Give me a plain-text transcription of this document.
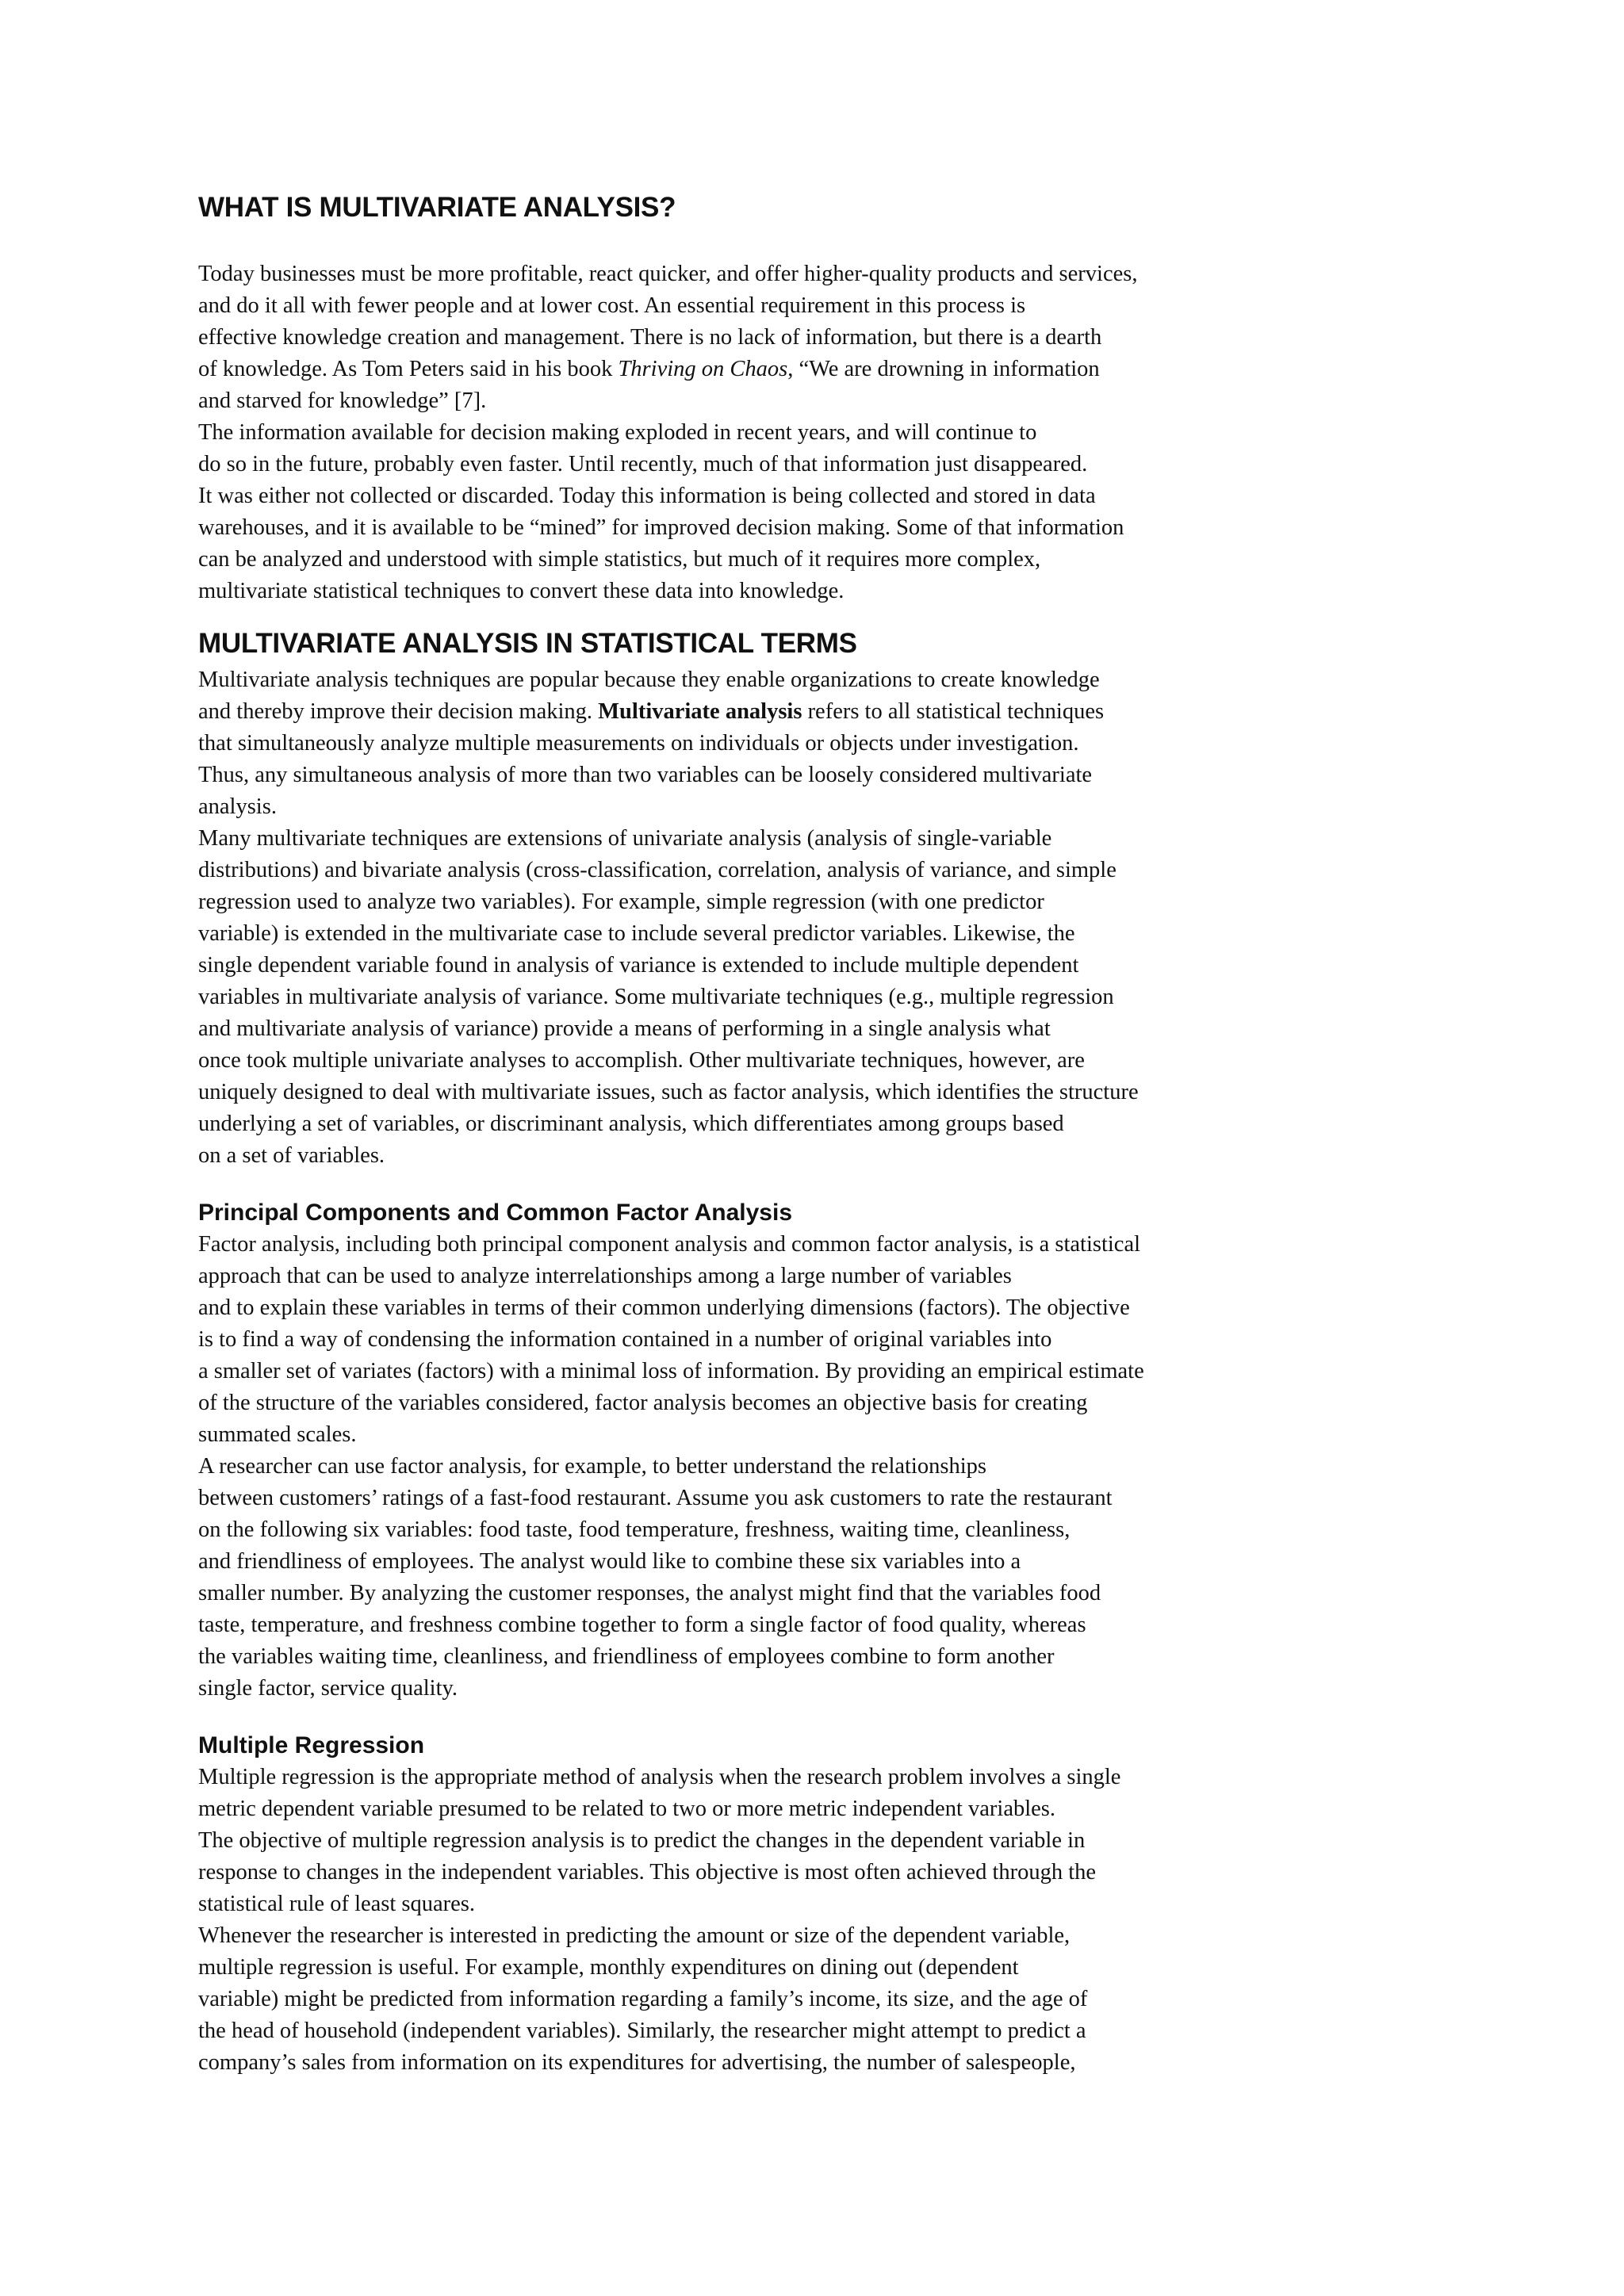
WHAT IS MULTIVARIATE ANALYSIS?
Today businesses must be more profitable, react quicker, and offer higher-quality products and services,
and do it all with fewer people and at lower cost. An essential requirement in this process is
effective knowledge creation and management. There is no lack of information, but there is a dearth
of knowledge. As Tom Peters said in his book Thriving on Chaos, “We are drowning in information
and starved for knowledge” [7].
The information available for decision making exploded in recent years, and will continue to
do so in the future, probably even faster. Until recently, much of that information just disappeared.
It was either not collected or discarded. Today this information is being collected and stored in data
warehouses, and it is available to be “mined” for improved decision making. Some of that information
can be analyzed and understood with simple statistics, but much of it requires more complex,
multivariate statistical techniques to convert these data into knowledge.
MULTIVARIATE ANALYSIS IN STATISTICAL TERMS
Multivariate analysis techniques are popular because they enable organizations to create knowledge
and thereby improve their decision making. Multivariate analysis refers to all statistical techniques
that simultaneously analyze multiple measurements on individuals or objects under investigation.
Thus, any simultaneous analysis of more than two variables can be loosely considered multivariate
analysis.
Many multivariate techniques are extensions of univariate analysis (analysis of single-variable
distributions) and bivariate analysis (cross-classification, correlation, analysis of variance, and simple
regression used to analyze two variables). For example, simple regression (with one predictor
variable) is extended in the multivariate case to include several predictor variables. Likewise, the
single dependent variable found in analysis of variance is extended to include multiple dependent
variables in multivariate analysis of variance. Some multivariate techniques (e.g., multiple regression
and multivariate analysis of variance) provide a means of performing in a single analysis what
once took multiple univariate analyses to accomplish. Other multivariate techniques, however, are
uniquely designed to deal with multivariate issues, such as factor analysis, which identifies the structure
underlying a set of variables, or discriminant analysis, which differentiates among groups based
on a set of variables.
Principal Components and Common Factor Analysis
Factor analysis, including both principal component analysis and common factor analysis, is a statistical
approach that can be used to analyze interrelationships among a large number of variables
and to explain these variables in terms of their common underlying dimensions (factors). The objective
is to find a way of condensing the information contained in a number of original variables into
a smaller set of variates (factors) with a minimal loss of information. By providing an empirical estimate
of the structure of the variables considered, factor analysis becomes an objective basis for creating
summated scales.
A researcher can use factor analysis, for example, to better understand the relationships
between customers’ ratings of a fast-food restaurant. Assume you ask customers to rate the restaurant
on the following six variables: food taste, food temperature, freshness, waiting time, cleanliness,
and friendliness of employees. The analyst would like to combine these six variables into a
smaller number. By analyzing the customer responses, the analyst might find that the variables food
taste, temperature, and freshness combine together to form a single factor of food quality, whereas
the variables waiting time, cleanliness, and friendliness of employees combine to form another
single factor, service quality.
Multiple Regression
Multiple regression is the appropriate method of analysis when the research problem involves a single
metric dependent variable presumed to be related to two or more metric independent variables.
The objective of multiple regression analysis is to predict the changes in the dependent variable in
response to changes in the independent variables. This objective is most often achieved through the
statistical rule of least squares.
Whenever the researcher is interested in predicting the amount or size of the dependent variable,
multiple regression is useful. For example, monthly expenditures on dining out (dependent
variable) might be predicted from information regarding a family’s income, its size, and the age of
the head of household (independent variables). Similarly, the researcher might attempt to predict a
company’s sales from information on its expenditures for advertising, the number of salespeople,
